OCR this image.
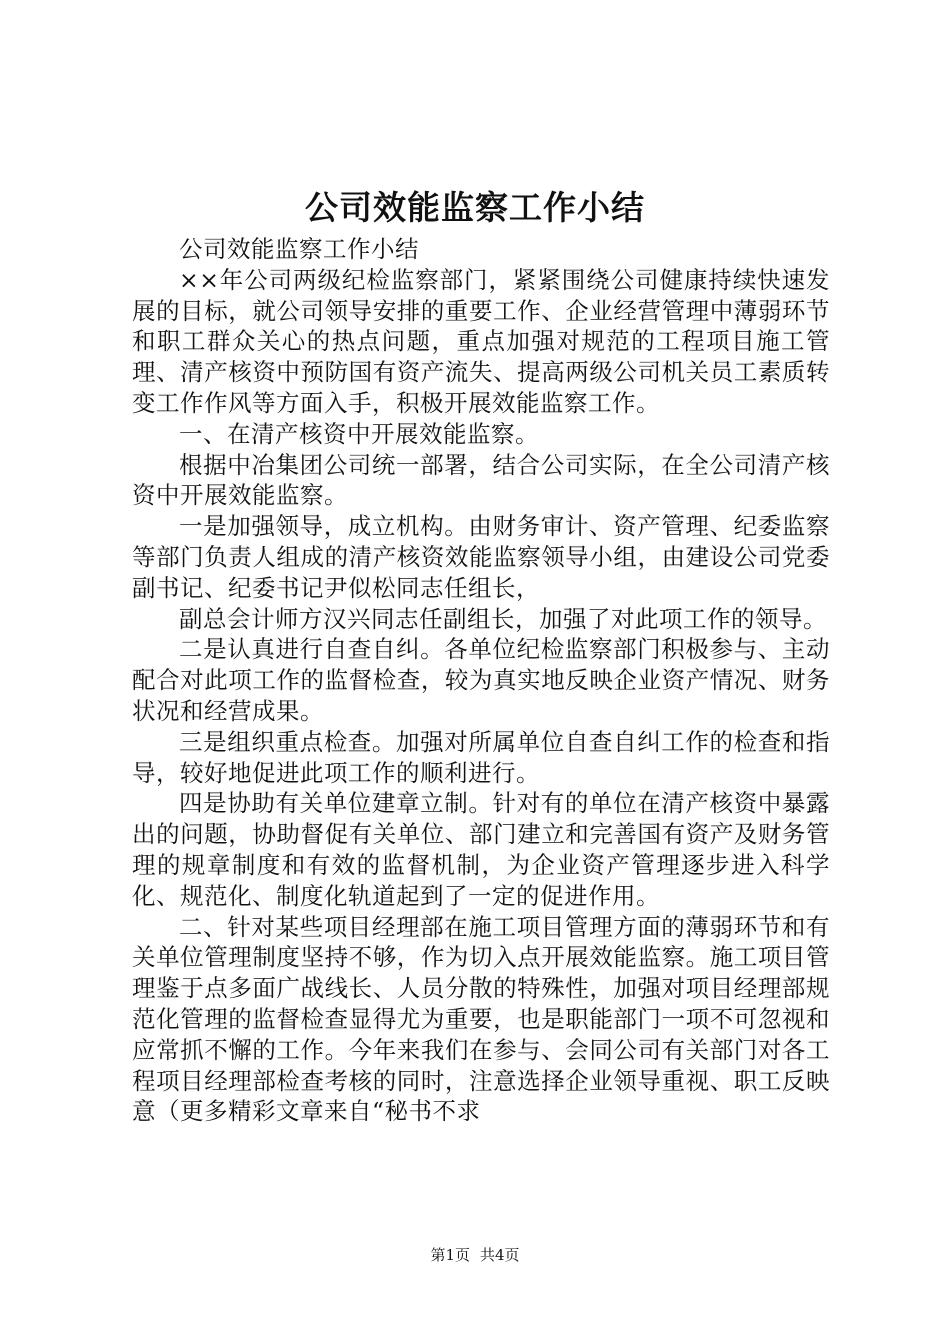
公司效能监察工作小结

公司效能监察工作小结

××年公司两级纪检监察部门，紧紧围绕公司健康持续快速发展的目标，就公司领导安排的重要工作、企业经营管理中薄弱环节和职工群众关心的热点问题，重点加强对规范的工程项目施工管理、清产核资中预防国有资产流失、提高两级公司机关员工素质转变工作作风等方面入手，积极开展效能监察工作。

一、在清产核资中开展效能监察。

根据中冶集团公司统一部署，结合公司实际，在全公司清产核资中开展效能监察。

一是加强领导，成立机构。由财务审计、资产管理、纪委监察等部门负责人组成的清产核资效能监察领导小组，由建设公司党委副书记、纪委书记尹似松同志任组长，

副总会计师方汉兴同志任副组长，加强了对此项工作的领导。

二是认真进行自查自纠。各单位纪检监察部门积极参与、主动配合对此项工作的监督检查，较为真实地反映企业资产情况、财务状况和经营成果。

三是组织重点检查。加强对所属单位自查自纠工作的检查和指导，较好地促进此项工作的顺利进行。

四是协助有关单位建章立制。针对有的单位在清产核资中暴露出的问题，协助督促有关单位、部门建立和完善国有资产及财务管理的规章制度和有效的监督机制，为企业资产管理逐步进入科学化、规范化、制度化轨道起到了一定的促进作用。

二、针对某些项目经理部在施工项目管理方面的薄弱环节和有关单位管理制度坚持不够，作为切入点开展效能监察。施工项目管理鉴于点多面广战线长、人员分散的特殊性，加强对项目经理部规范化管理的监督检查显得尤为重要，也是职能部门一项不可忽视和应常抓不懈的工作。今年来我们在参与、会同公司有关部门对各工程项目经理部检查考核的同时，注意选择企业领导重视、职工反映意（更多精彩文章来自“秘书不求

第1页 共4页
